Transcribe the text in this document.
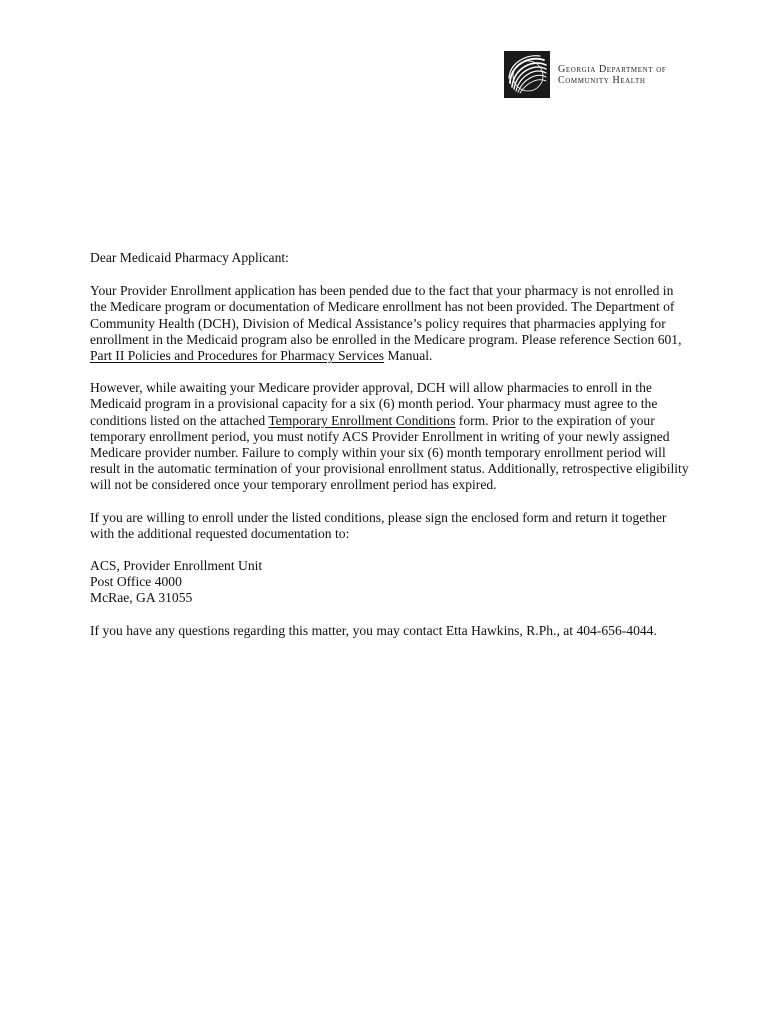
Georgia Department of
Community Health

Dear Medicaid Pharmacy Applicant:

Your Provider Enrollment application has been pended due to the fact that your pharmacy is not enrolled in the Medicare program or documentation of Medicare enrollment has not been provided. The Department of Community Health (DCH), Division of Medical Assistance’s policy requires that pharmacies applying for enrollment in the Medicaid program also be enrolled in the Medicare program. Please reference Section 601, Part II Policies and Procedures for Pharmacy Services Manual.

However, while awaiting your Medicare provider approval, DCH will allow pharmacies to enroll in the Medicaid program in a provisional capacity for a six (6) month period. Your pharmacy must agree to the conditions listed on the attached Temporary Enrollment Conditions form. Prior to the expiration of your temporary enrollment period, you must notify ACS Provider Enrollment in writing of your newly assigned Medicare provider number. Failure to comply within your six (6) month temporary enrollment period will result in the automatic termination of your provisional enrollment status. Additionally, retrospective eligibility will not be considered once your temporary enrollment period has expired.

If you are willing to enroll under the listed conditions, please sign the enclosed form and return it together with the additional requested documentation to:

ACS, Provider Enrollment Unit
Post Office 4000
McRae, GA 31055

If you have any questions regarding this matter, you may contact Etta Hawkins, R.Ph., at 404-656-4044.
